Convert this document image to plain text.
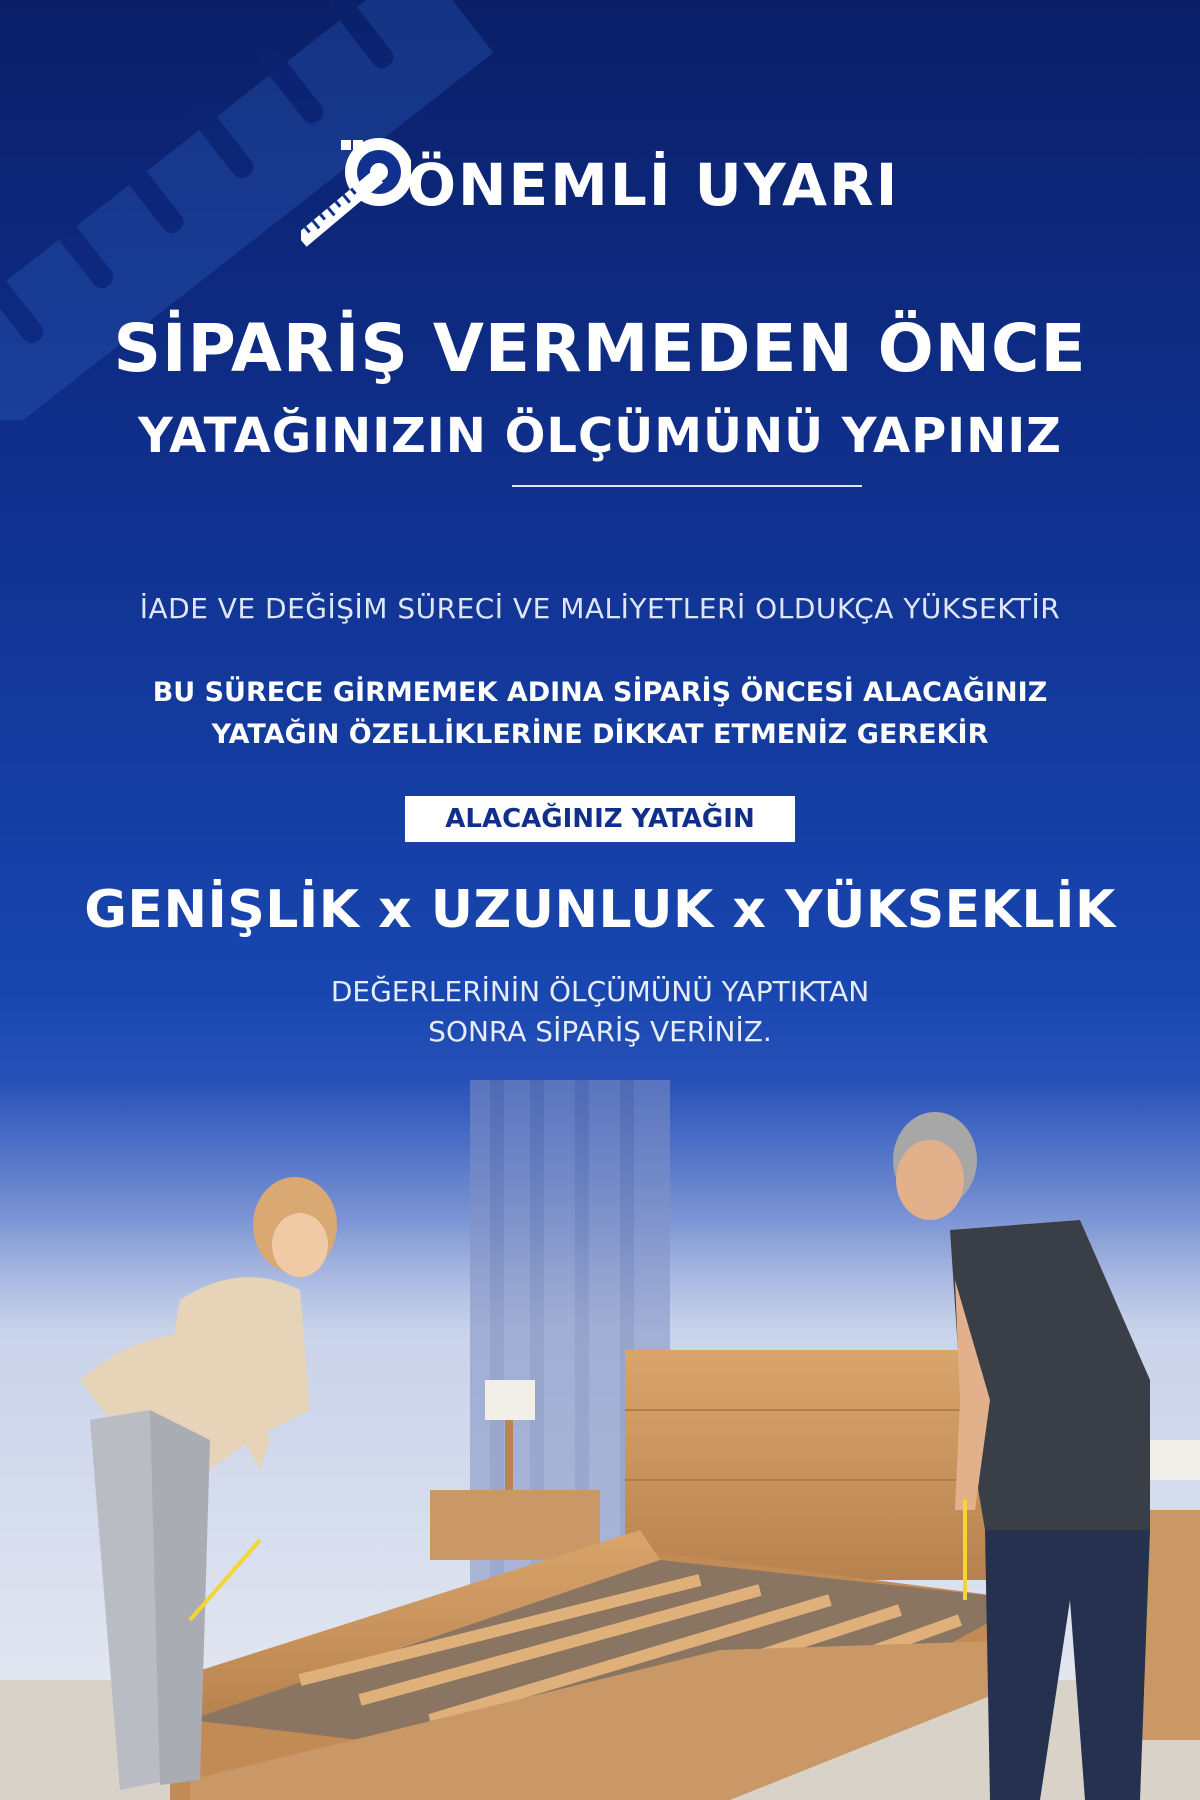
ÖNEMLİ UYARI
SİPARİŞ VERMEDEN ÖNCE
YATAĞINIZIN ÖLÇÜMÜNÜ YAPINIZ
İADE VE DEĞİŞİM SÜRECİ VE MALİYETLERİ OLDUKÇA YÜKSEKTİR
BU SÜRECE GİRMEMEK ADINA SİPARİŞ ÖNCESİ ALACAĞINIZ
YATAĞIN ÖZELLİKLERİNE DİKKAT ETMENİZ GEREKİR
ALACAĞINIZ YATAĞIN
GENİŞLİK x UZUNLUK x YÜKSEKLİK
DEĞERLERİNİN ÖLÇÜMÜNÜ YAPTIKTAN
SONRA SİPARİŞ VERİNİZ.
